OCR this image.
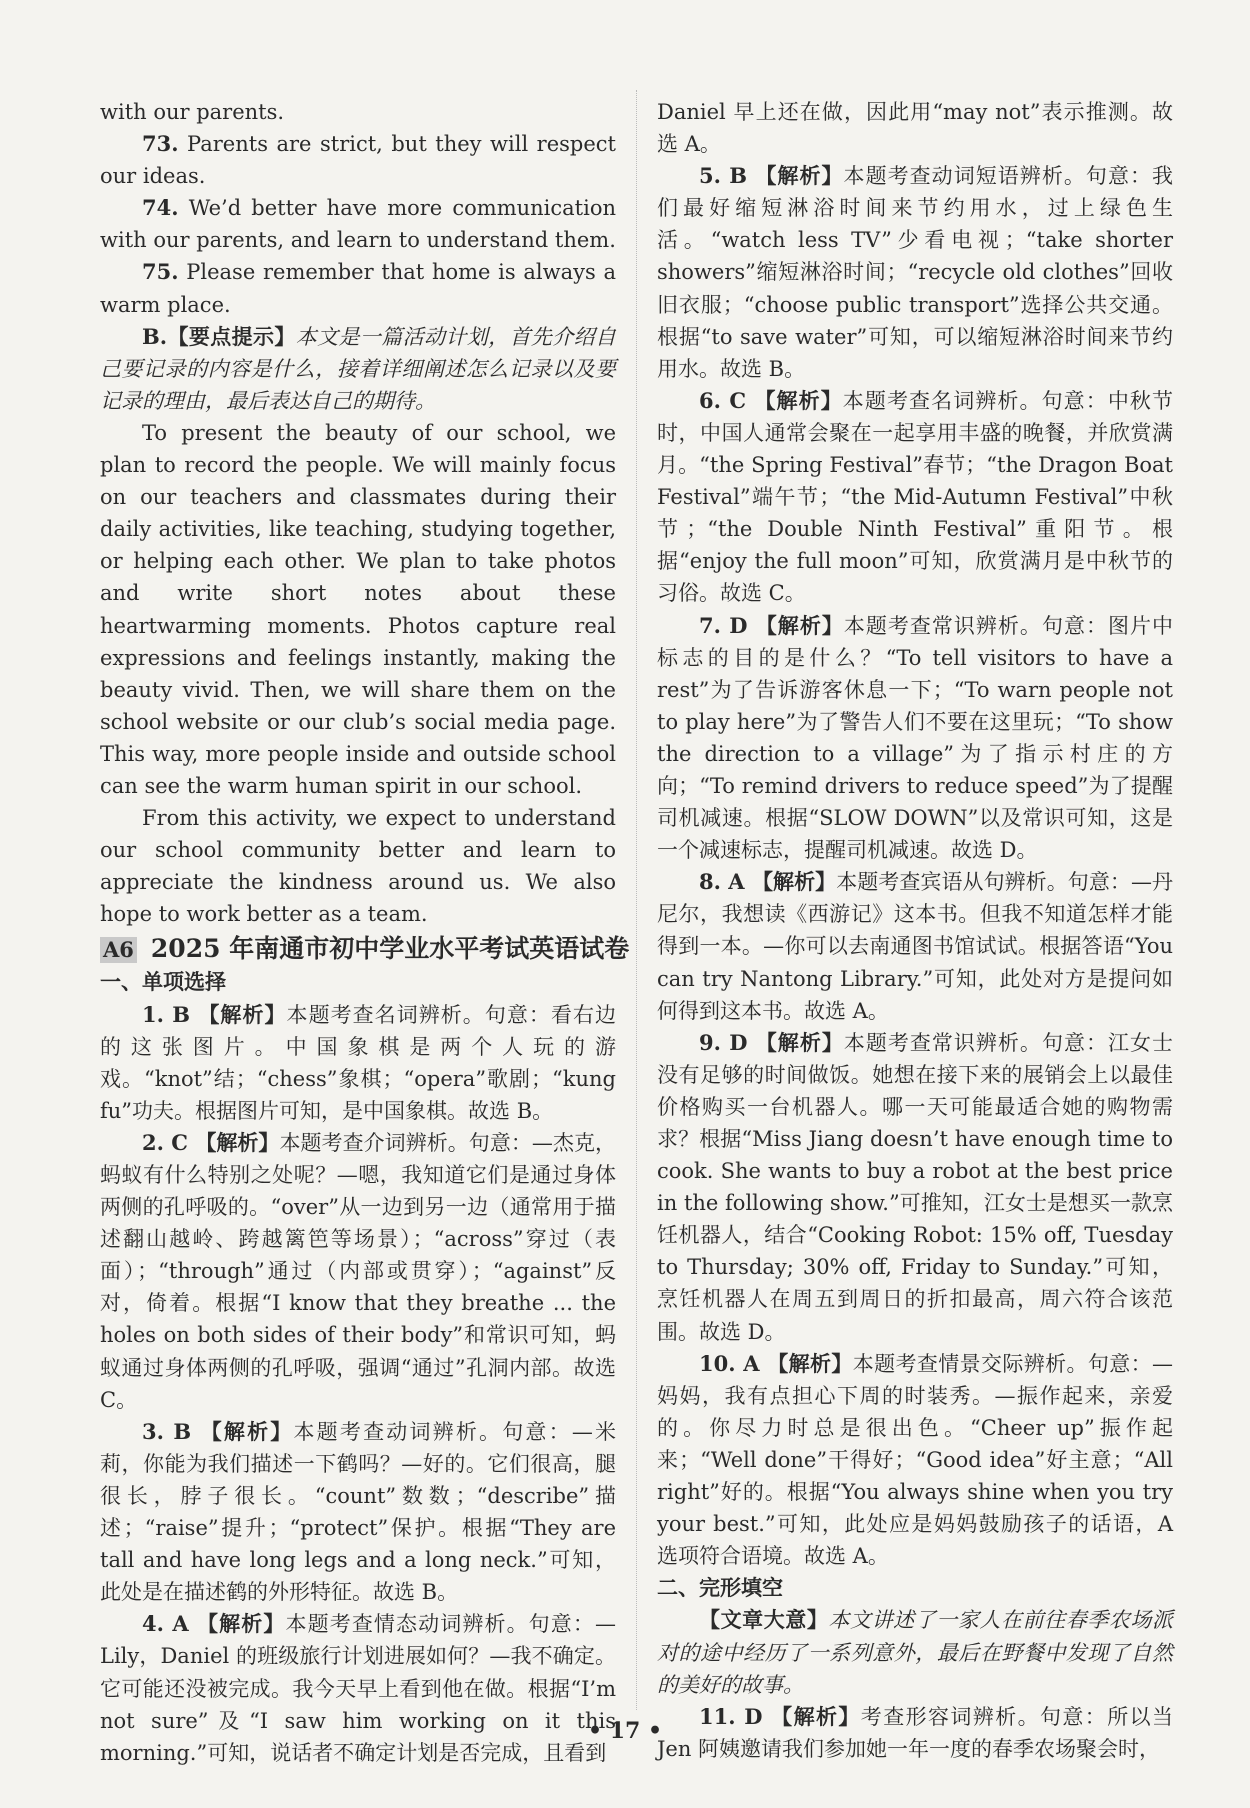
with our parents.

73. Parents are strict, but they will respect our ideas.

74. We’d better have more communication with our parents, and learn to understand them.

75. Please remember that home is always a warm place.

B.【要点提示】本文是一篇活动计划，首先介绍自己要记录的内容是什么，接着详细阐述怎么记录以及要记录的理由，最后表达自己的期待。

To present the beauty of our school, we plan to record the people. We will mainly focus on our teachers and classmates during their daily activities, like teaching, studying together, or helping each other. We plan to take photos and write short notes about these heartwarming moments. Photos capture real expressions and feelings instantly, making the beauty vivid. Then, we will share them on the school website or our club’s social media page. This way, more people inside and outside school can see the warm human spirit in our school.

From this activity, we expect to understand our school community better and learn to appreciate the kindness around us. We also hope to work better as a team.

A6 2025 年南通市初中学业水平考试英语试卷

一、单项选择

1. B 【解析】本题考查名词辨析。句意：看右边的这张图片。中国象棋是两个人玩的游戏。“knot”结；“chess”象棋；“opera”歌剧；“kung fu”功夫。根据图片可知，是中国象棋。故选 B。

2. C 【解析】本题考查介词辨析。句意：—杰克，蚂蚁有什么特别之处呢？—嗯，我知道它们是通过身体两侧的孔呼吸的。“over”从一边到另一边（通常用于描述翻山越岭、跨越篱笆等场景）；“across”穿过（表面）；“through”通过（内部或贯穿）；“against”反对，倚着。根据“I know that they breathe ... the holes on both sides of their body”和常识可知，蚂蚁通过身体两侧的孔呼吸，强调“通过”孔洞内部。故选 C。

3. B 【解析】本题考查动词辨析。句意：—米莉，你能为我们描述一下鹤吗？—好的。它们很高，腿很长，脖子很长。“count”数数；“describe”描述；“raise”提升；“protect”保护。根据“They are tall and have long legs and a long neck.”可知，此处是在描述鹤的外形特征。故选 B。

4. A 【解析】本题考查情态动词辨析。句意：—Lily，Daniel 的班级旅行计划进展如何？—我不确定。它可能还没被完成。我今天早上看到他在做。根据“I’m not sure”及“I saw him working on it this morning.”可知，说话者不确定计划是否完成，且看到

Daniel 早上还在做，因此用“may not”表示推测。故选 A。

5. B 【解析】本题考查动词短语辨析。句意：我们最好缩短淋浴时间来节约用水，过上绿色生活。“watch less TV”少看电视；“take shorter showers”缩短淋浴时间；“recycle old clothes”回收旧衣服；“choose public transport”选择公共交通。根据“to save water”可知，可以缩短淋浴时间来节约用水。故选 B。

6. C 【解析】本题考查名词辨析。句意：中秋节时，中国人通常会聚在一起享用丰盛的晚餐，并欣赏满月。“the Spring Festival”春节；“the Dragon Boat Festival”端午节；“the Mid-Autumn Festival”中秋节；“the Double Ninth Festival”重阳节。根据“enjoy the full moon”可知，欣赏满月是中秋节的习俗。故选 C。

7. D 【解析】本题考查常识辨析。句意：图片中标志的目的是什么？“To tell visitors to have a rest”为了告诉游客休息一下；“To warn people not to play here”为了警告人们不要在这里玩；“To show the direction to a village”为了指示村庄的方向；“To remind drivers to reduce speed”为了提醒司机减速。根据“SLOW DOWN”以及常识可知，这是一个减速标志，提醒司机减速。故选 D。

8. A 【解析】本题考查宾语从句辨析。句意：—丹尼尔，我想读《西游记》这本书。但我不知道怎样才能得到一本。—你可以去南通图书馆试试。根据答语“You can try Nantong Library.”可知，此处对方是提问如何得到这本书。故选 A。

9. D 【解析】本题考查常识辨析。句意：江女士没有足够的时间做饭。她想在接下来的展销会上以最佳价格购买一台机器人。哪一天可能最适合她的购物需求？根据“Miss Jiang doesn’t have enough time to cook. She wants to buy a robot at the best price in the following show.”可推知，江女士是想买一款烹饪机器人，结合“Cooking Robot: 15% off, Tuesday to Thursday; 30% off, Friday to Sunday.”可知，烹饪机器人在周五到周日的折扣最高，周六符合该范围。故选 D。

10. A 【解析】本题考查情景交际辨析。句意：—妈妈，我有点担心下周的时装秀。—振作起来，亲爱的。你尽力时总是很出色。“Cheer up”振作起来；“Well done”干得好；“Good idea”好主意；“All right”好的。根据“You always shine when you try your best.”可知，此处应是妈妈鼓励孩子的话语，A 选项符合语境。故选 A。

二、完形填空

【文章大意】本文讲述了一家人在前往春季农场派对的途中经历了一系列意外，最后在野餐中发现了自然的美好的故事。

11. D 【解析】考查形容词辨析。句意：所以当 Jen 阿姨邀请我们参加她一年一度的春季农场聚会时，

• 17 •
